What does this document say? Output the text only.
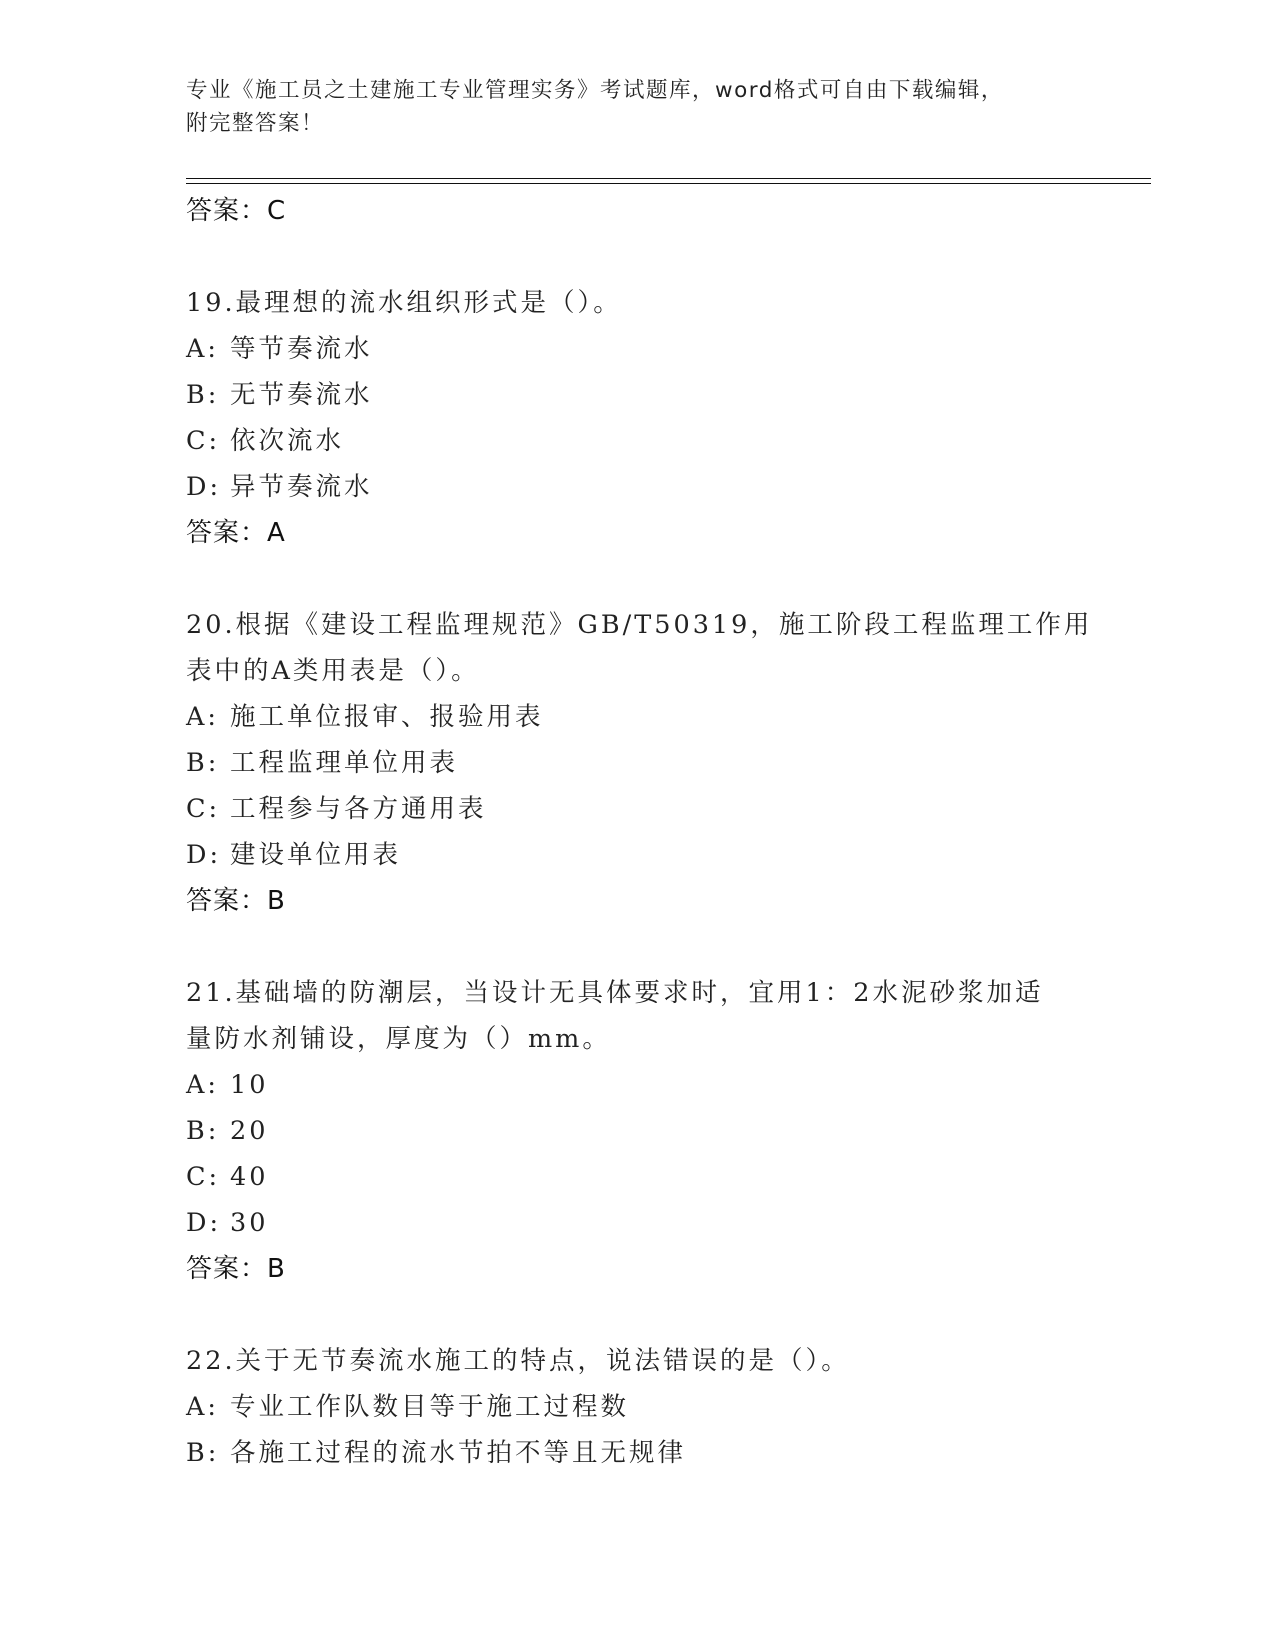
专业《施工员之土建施工专业管理实务》考试题库，word格式可自由下载编辑，
附完整答案！
答案：C
19.最理想的流水组织形式是（）。
A: 等节奏流水
B: 无节奏流水
C: 依次流水
D: 异节奏流水
答案：A
20.根据《建设工程监理规范》GB/T50319，施工阶段工程监理工作用
表中的A类用表是（）。
A: 施工单位报审、报验用表
B: 工程监理单位用表
C: 工程参与各方通用表
D: 建设单位用表
答案：B
21.基础墙的防潮层，当设计无具体要求时，宜用1：2水泥砂浆加适
量防水剂铺设，厚度为（）mm。
A: 10
B: 20
C: 40
D: 30
答案：B
22.关于无节奏流水施工的特点，说法错误的是（）。
A: 专业工作队数目等于施工过程数
B: 各施工过程的流水节拍不等且无规律
